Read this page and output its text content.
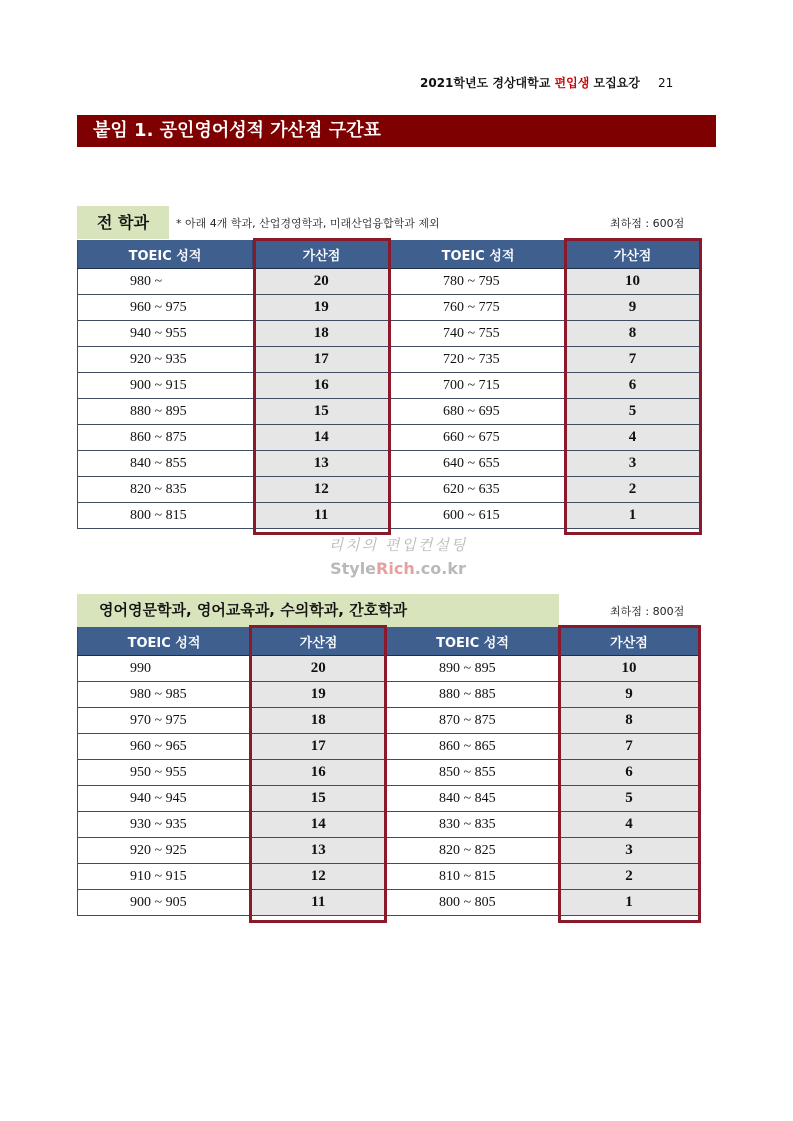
2021학년도 경상대학교 편입생 모집요강 21
붙임 1. 공인영어성적 가산점 구간표
전 학과	* 아래 4개 학과, 산업경영학과, 미래산업융합학과 제외	최하점 : 600점
TOEIC 성적	가산점	TOEIC 성적	가산점
980 ~	20	780 ~ 795	10
960 ~ 975	19	760 ~ 775	9
940 ~ 955	18	740 ~ 755	8
920 ~ 935	17	720 ~ 735	7
900 ~ 915	16	700 ~ 715	6
880 ~ 895	15	680 ~ 695	5
860 ~ 875	14	660 ~ 675	4
840 ~ 855	13	640 ~ 655	3
820 ~ 835	12	620 ~ 635	2
800 ~ 815	11	600 ~ 615	1
리치의 편입컨설팅
StyleRich.co.kr
영어영문학과, 영어교육과, 수의학과, 간호학과	최하점 : 800점
TOEIC 성적	가산점	TOEIC 성적	가산점
990	20	890 ~ 895	10
980 ~ 985	19	880 ~ 885	9
970 ~ 975	18	870 ~ 875	8
960 ~ 965	17	860 ~ 865	7
950 ~ 955	16	850 ~ 855	6
940 ~ 945	15	840 ~ 845	5
930 ~ 935	14	830 ~ 835	4
920 ~ 925	13	820 ~ 825	3
910 ~ 915	12	810 ~ 815	2
900 ~ 905	11	800 ~ 805	1
